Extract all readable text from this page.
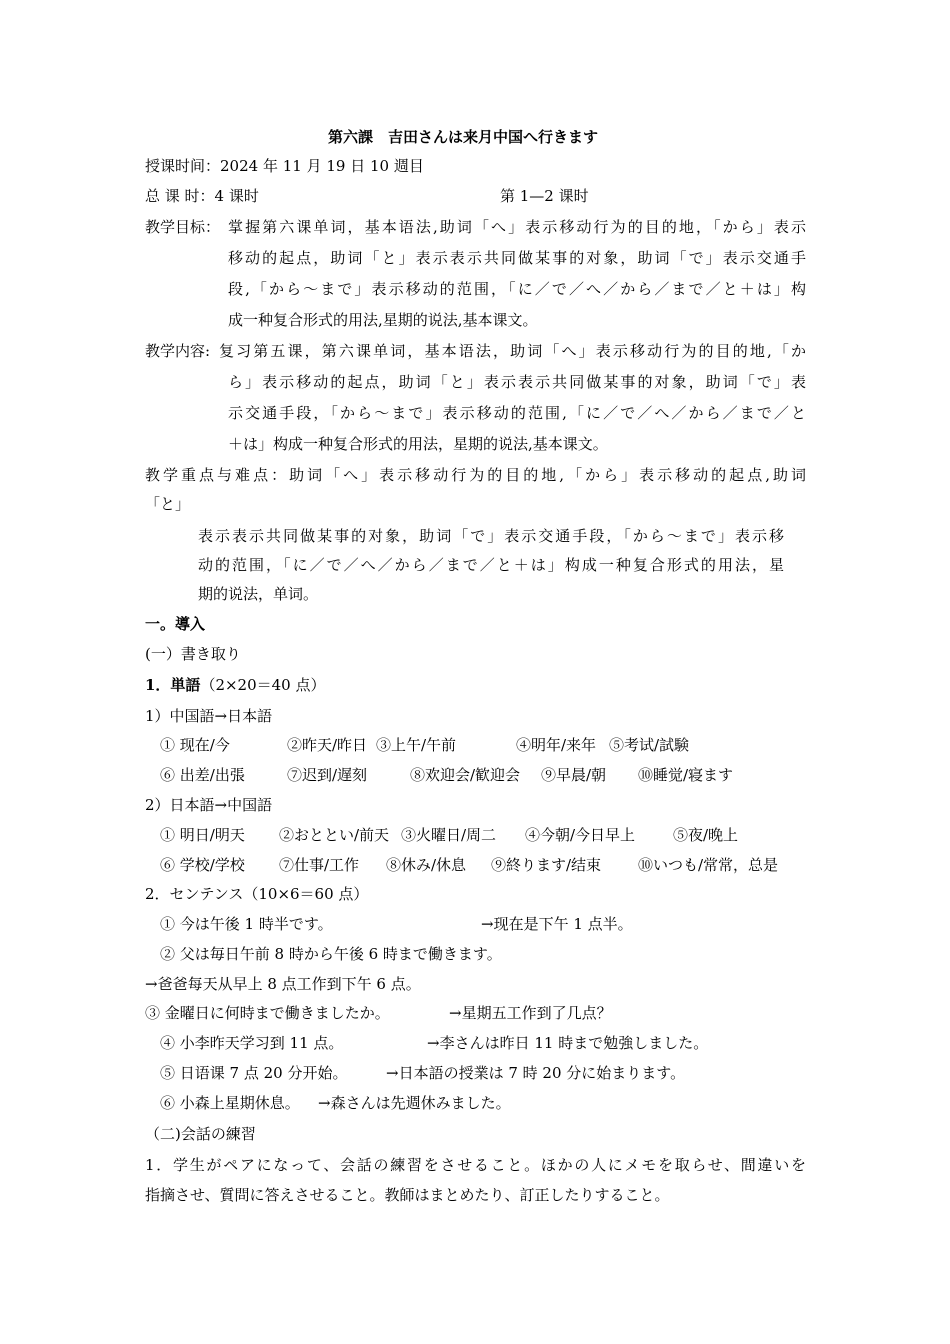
第六課　吉田さんは来月中国へ行きます
授课时间：2024 年 11 月 19 日 10 週目
总 课 时：4 课时	第 1—2 课时
教学目标： 掌握第六课单词，基本语法,助词「へ」表示移动行为的目的地，「から」表示
移动的起点，助词「と」表示表示共同做某事的对象，助词「で」表示交通手
段,「から～まで」表示移动的范围，「に／で／へ／から／まで／と＋は」构
成一种复合形式的用法,星期的说法,基本课文。
教学内容: 复习第五课，第六课单词，基本语法，助词「へ」表示移动行为的目的地,「か
ら」表示移动的起点，助词「と」表示表示共同做某事的对象，助词「で」表
示交通手段，「から～まで」表示移动的范围,「に／で／へ／から／まで／と
＋は」构成一种复合形式的用法，星期的说法,基本课文。
教学重点与难点：助词「へ」表示移动行为的目的地,「から」表示移动的起点,助词
「と」
表示表示共同做某事的对象，助词「で」表示交通手段，「から～まで」表示移
动的范围，「に／で／へ／から／まで／と＋は」构成一种复合形式的用法，星
期的说法，单词。
一。導入
(一）書き取り
1．単語（2×20＝40 点）
1）中国語→日本語
① 现在/今	②昨天/昨日 ③上午/午前	④明年/来年 ⑤考试/試験
⑥ 出差/出張	⑦迟到/遅刻	⑧欢迎会/歓迎会 ⑨早晨/朝 ⑩睡觉/寝ます
2）日本語→中国語
① 明日/明天 ②おととい/前天 ③火曜日/周二 ④今朝/今日早上	⑤夜/晚上
⑥ 学校/学校 ⑦仕事/工作 ⑧休み/休息 ⑨終ります/结束 ⑩いつも/常常，总是
2．センテンス（10×6＝60 点）
① 今は午後 1 時半です。	→现在是下午 1 点半。
② 父は毎日午前 8 時から午後 6 時まで働きます。
→爸爸每天从早上 8 点工作到下午 6 点。
③ 金曜日に何時まで働きましたか。	→星期五工作到了几点？
④ 小李昨天学习到 11 点。	→李さんは昨日 11 時まで勉強しました。
⑤ 日语课 7 点 20 分开始。	→日本語の授業は 7 時 20 分に始まります。
⑥ 小森上星期休息。 →森さんは先週休みました。
（二)会話の練習
1．学生がペアになって、会話の練習をさせること。ほかの人にメモを取らせ、間違いを
指摘させ、質問に答えさせること。教師はまとめたり、訂正したりすること。
